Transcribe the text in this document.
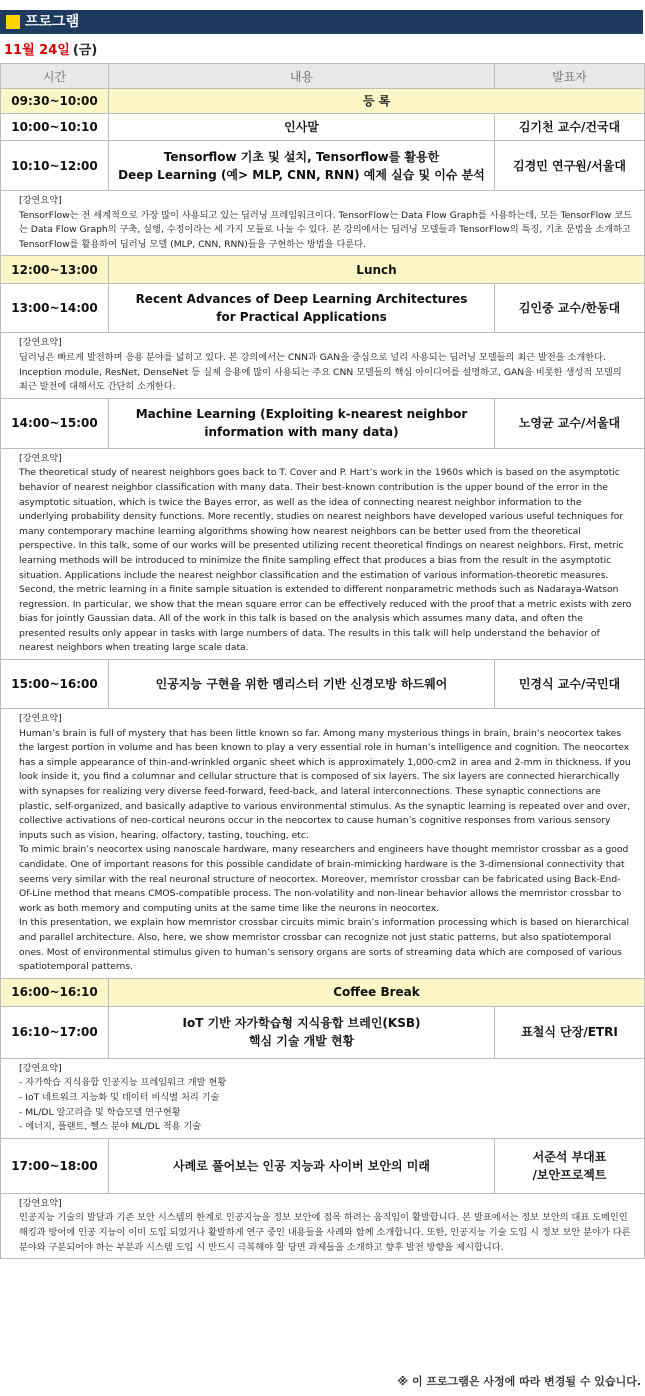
프로그램
11월 24일 (금)
시간	내용	발표자
09:30~10:00	등 록	
10:00~10:10	인사말	김기천 교수/건국대

10:10~12:00	Tensorflow 기초 및 설치, Tensorflow를 활용한
Deep Learning (예> MLP, CNN, RNN) 예제 실습 및 이슈 분석	김경민 연구원/서울대

[강연요약]
TensorFlow는 전 세계적으로 가장 많이 사용되고 있는 딥러닝 프레임워크이다. TensorFlow는 Data Flow Graph를 사용하는데, 모든 TensorFlow 코드는 Data Flow Graph의 구축, 실행, 수정이라는 세 가지 모듈로 나눌 수 있다. 본 강의에서는 딥러닝 모델들과 TensorFlow의 특징, 기초 문법을 소개하고 TensorFlow를 활용하여 딥러닝 모델 (MLP, CNN, RNN)들을 구현하는 방법을 다룬다.		

12:00~13:00	Lunch	
13:00~14:00	Recent Advances of Deep Learning Architectures
for Practical Applications	김인중 교수/한동대

[강연요약]
딥러닝은 빠르게 발전하며 응용 분야를 넓히고 있다. 본 강의에서는 CNN과 GAN을 중심으로 널리 사용되는 딥러닝 모델들의 최근 발전을 소개한다. Inception module, ResNet, DenseNet 등 실제 응용에 많이 사용되는 주요 CNN 모델들의 핵심 아이디어를 설명하고, GAN을 비롯한 생성적 모델의 최근 발전에 대해서도 간단히 소개한다.		

14:00~15:00	Machine Learning (Exploiting k-nearest neighbor
information with many data)	노영균 교수/서울대

[강연요약]
The theoretical study of nearest neighbors goes back to T. Cover and P. Hart’s work in the 1960s which is based on the asymptotic behavior of nearest neighbor classification with many data. Their best-known contribution is the upper bound of the error in the asymptotic situation, which is twice the Bayes error, as well as the idea of connecting nearest neighbor information to the underlying probability density functions. More recently, studies on nearest neighbors have developed various useful techniques for many contemporary machine learning algorithms showing how nearest neighbors can be better used from the theoretical perspective. In this talk, some of our works will be presented utilizing recent theoretical findings on nearest neighbors. First, metric learning methods will be introduced to minimize the finite sampling effect that produces a bias from the result in the asymptotic situation. Applications include the nearest neighbor classification and the estimation of various information-theoretic measures. Second, the metric learning in a finite sample situation is extended to different nonparametric methods such as Nadaraya-Watson regression. In particular, we show that the mean square error can be effectively reduced with the proof that a metric exists with zero bias for jointly Gaussian data. All of the work in this talk is based on the analysis which assumes many data, and often the presented results only appear in tasks with large numbers of data. The results in this talk will help understand the behavior of nearest neighbors when treating large scale data.		

15:00~16:00	인공지능 구현을 위한 멤리스터 기반 신경모방 하드웨어	민경식 교수/국민대

[강연요약]
Human’s brain is full of mystery that has been little known so far. Among many mysterious things in brain, brain’s neocortex takes the largest portion in volume and has been known to play a very essential role in human’s intelligence and cognition. The neocortex has a simple appearance of thin-and-wrinkled organic sheet which is approximately 1,000-cm2 in area and 2-mm in thickness. If you look inside it, you find a columnar and cellular structure that is composed of six layers. The six layers are connected hierarchically with synapses for realizing very diverse feed-forward, feed-back, and lateral interconnections. These synaptic connections are plastic, self-organized, and basically adaptive to various environmental stimulus. As the synaptic learning is repeated over and over, collective activations of neo-cortical neurons occur in the neocortex to cause human’s cognitive responses from various sensory inputs such as vision, hearing, olfactory, tasting, touching, etc.
To mimic brain’s neocortex using nanoscale hardware, many researchers and engineers have thought memristor crossbar as a good candidate. One of important reasons for this possible candidate of brain-mimicking hardware is the 3-dimensional connectivity that seems very similar with the real neuronal structure of neocortex. Moreover, memristor crossbar can be fabricated using Back-End-Of-Line method that means CMOS-compatible process. The non-volatility and non-linear behavior allows the memristor crossbar to work as both memory and computing units at the same time like the neurons in neocortex.
In this presentation, we explain how memristor crossbar circuits mimic brain’s information processing which is based on hierarchical and parallel architecture. Also, here, we show memristor crossbar can recognize not just static patterns, but also spatiotemporal ones. Most of environmental stimulus given to human’s sensory organs are sorts of streaming data which are composed of various spatiotemporal patterns.		

16:00~16:10	Coffee Break	
16:10~17:00	IoT 기반 자가학습형 지식융합 브레인(KSB)
핵심 기술 개발 현황	표철식 단장/ETRI

[강연요약]
- 자가학습 지식융합 인공지능 프레임워크 개발 현황
- IoT 네트워크 지능화 및 데이터 비식별 처리 기술
- ML/DL 알고리즘 및 학습모델 연구현황
- 에너지, 플랜트, 헬스 분야 ML/DL 적용 기술		

17:00~18:00	사례로 풀어보는 인공 지능과 사이버 보안의 미래	서준석 부대표
/보안프로젝트

[강연요약]
인공지능 기술의 발달과 기존 보안 시스템의 한계로 인공지능을 정보 보안에 접목 하려는 움직임이 활발합니다. 본 발표에서는 정보 보안의 대표 도메인인 해킹과 방어에 인공 지능이 이미 도입 되었거나 활발하게 연구 중인 내용들을 사례와 함께 소개합니다. 또한, 인공지능 기술 도입 시 정보 보안 분야가 다른 분야와 구분되어야 하는 부분과 시스템 도입 시 반드시 극복해야 할 당면 과제들을 소개하고 향후 발전 방향을 제시합니다.		
※ 이 프로그램은 사정에 따라 변경될 수 있습니다.
